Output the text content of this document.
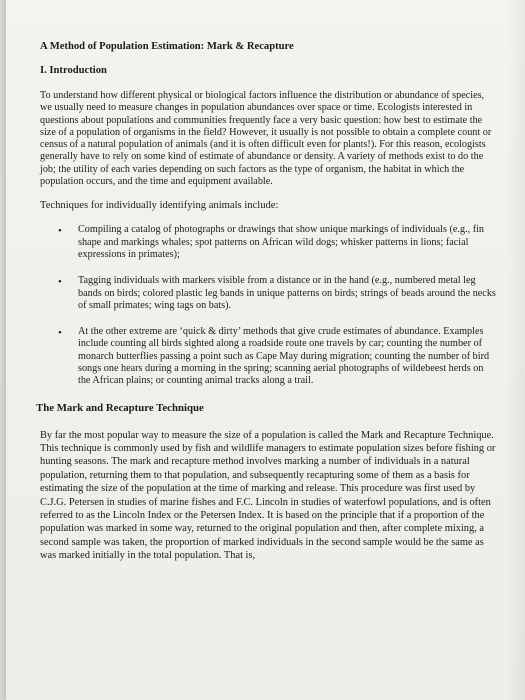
A Method of Population Estimation: Mark & Recapture
I. Introduction

To understand how different physical or biological factors influence the distribution or abundance of species, we usually need to measure changes in population abundances over space or time. Ecologists interested in questions about populations and communities frequently face a very basic question: how best to estimate the size of a population of organisms in the field? However, it usually is not possible to obtain a complete count or census of a natural population of animals (and it is often difficult even for plants!). For this reason, ecologists generally have to rely on some kind of estimate of abundance or density. A variety of methods exist to do the job; the utility of each varies depending on such factors as the type of organism, the habitat in which the population occurs, and the time and equipment available.

Techniques for individually identifying animals include:

• Compiling a catalog of photographs or drawings that show unique markings of individuals (e.g., fin shape and markings whales; spot patterns on African wild dogs; whisker patterns in lions; facial expressions in primates);
• Tagging individuals with markers visible from a distance or in the hand (e.g., numbered metal leg bands on birds; colored plastic leg bands in unique patterns on birds; strings of beads around the necks of small primates; wing tags on bats).
• At the other extreme are ‘quick & dirty’ methods that give crude estimates of abundance. Examples include counting all birds sighted along a roadside route one travels by car; counting the number of monarch butterflies passing a point such as Cape May during migration; counting the number of bird songs one hears during a morning in the spring; scanning aerial photographs of wildebeest herds on the African plains; or counting animal tracks along a trail.
The Mark and Recapture Technique

By far the most popular way to measure the size of a population is called the Mark and Recapture Technique. This technique is commonly used by fish and wildlife managers to estimate population sizes before fishing or hunting seasons. The mark and recapture method involves marking a number of individuals in a natural population, returning them to that population, and subsequently recapturing some of them as a basis for estimating the size of the population at the time of marking and release. This procedure was first used by C.J.G. Petersen in studies of marine fishes and F.C. Lincoln in studies of waterfowl populations, and is often referred to as the Lincoln Index or the Petersen Index. It is based on the principle that if a proportion of the population was marked in some way, returned to the original population and then, after complete mixing, a second sample was taken, the proportion of marked individuals in the second sample would be the same as was marked initially in the total population. That is,
